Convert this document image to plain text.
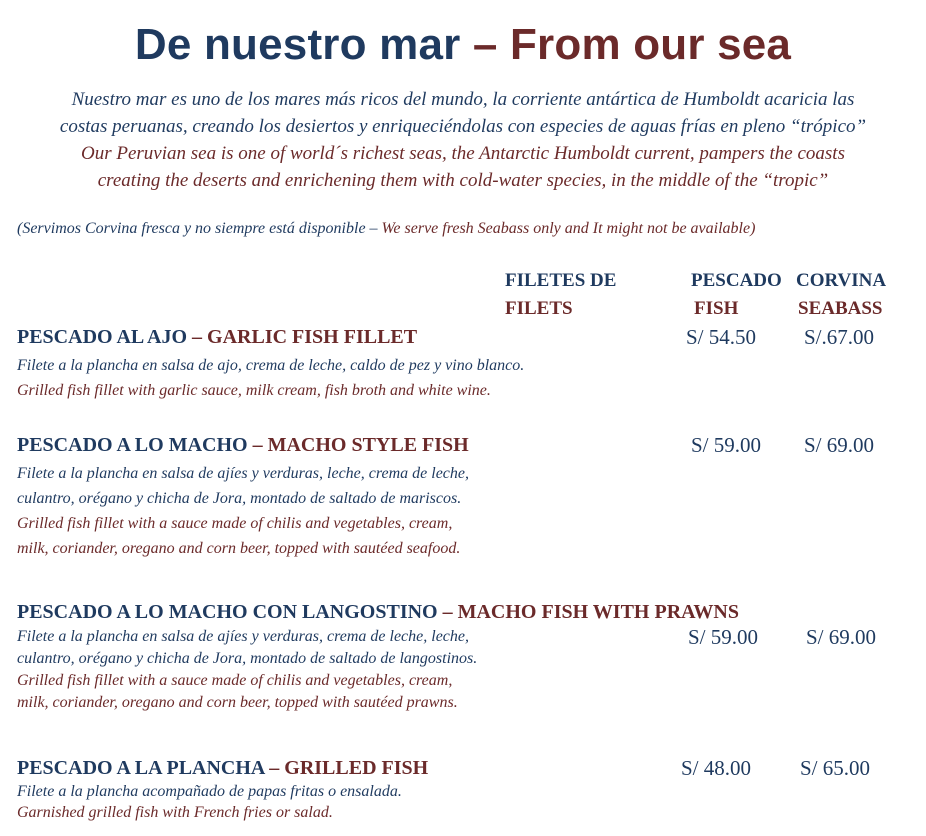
De nuestro mar – From our sea
Nuestro mar es uno de los mares más ricos del mundo, la corriente antártica de Humboldt acaricia las
costas peruanas, creando los desiertos y enriqueciéndolas con especies de aguas frías en pleno “trópico”
Our Peruvian sea is one of world´s richest seas, the Antarctic Humboldt current, pampers the coasts
creating the deserts and enrichening them with cold-water species, in the middle of the “tropic”
(Servimos Corvina fresca y no siempre está disponible – We serve fresh Seabass only and It might not be available)
FILETES DE
FILETS
PESCADO
FISH
CORVINA
SEABASS
PESCADO AL AJO – GARLIC FISH FILLET
Filete a la plancha en salsa de ajo, crema de leche, caldo de pez y vino blanco.
Grilled fish fillet with garlic sauce, milk cream, fish broth and white wine.
S/ 54.50 S/.67.00
PESCADO A LO MACHO – MACHO STYLE FISH
Filete a la plancha en salsa de ajíes y verduras, leche, crema de leche,
culantro, orégano y chicha de Jora, montado de saltado de mariscos.
Grilled fish fillet with a sauce made of chilis and vegetables, cream,
milk, coriander, oregano and corn beer, topped with sautéed seafood.
S/ 59.00 S/ 69.00
PESCADO A LO MACHO CON LANGOSTINO – MACHO FISH WITH PRAWNS
Filete a la plancha en salsa de ajíes y verduras, crema de leche, leche,
culantro, orégano y chicha de Jora, montado de saltado de langostinos.
Grilled fish fillet with a sauce made of chilis and vegetables, cream,
milk, coriander, oregano and corn beer, topped with sautéed prawns.
S/ 59.00 S/ 69.00
PESCADO A LA PLANCHA – GRILLED FISH
Filete a la plancha acompañado de papas fritas o ensalada.
Garnished grilled fish with French fries or salad.
S/ 48.00 S/ 65.00
